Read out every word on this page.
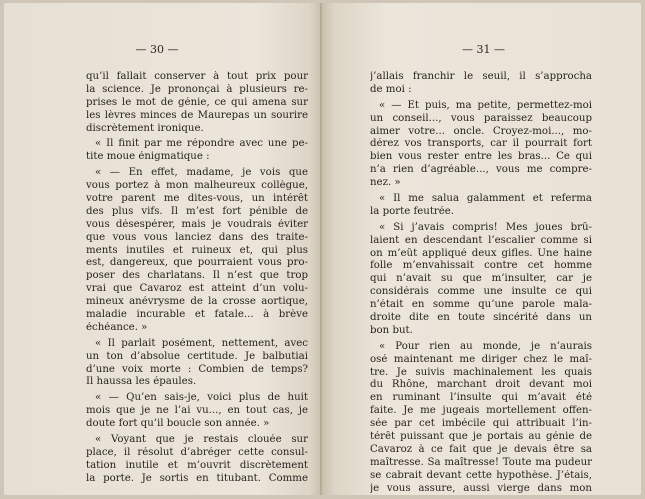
— 30 —
qu’il fallait conserver à tout prix pour
la science. Je prononçai à plusieurs re-
prises le mot de génie, ce qui amena sur
les lèvres minces de Maurepas un sourire
discrètement ironique.
« Il finit par me répondre avec une pe-
tite moue énigmatique :
« — En effet, madame, je vois que
vous portez à mon malheureux collègue,
votre parent me dites-vous, un intérêt
des plus vifs. Il m’est fort pénible de
vous désespérer, mais je voudrais éviter
que vous vous lanciez dans des traite-
ments inutiles et ruineux et, qui plus
est, dangereux, que pourraient vous pro-
poser des charlatans. Il n’est que trop
vrai que Cavaroz est atteint d’un volu-
mineux anévrysme de la crosse aortique,
maladie incurable et fatale... à brève
échéance. »
« Il parlait posément, nettement, avec
un ton d’absolue certitude. Je balbutiai
d’une voix morte : Combien de temps?
Il haussa les épaules.
« — Qu’en sais-je, voici plus de huit
mois que je ne l’ai vu..., en tout cas, je
doute fort qu’il boucle son année. »
« Voyant que je restais clouée sur
place, il résolut d’abréger cette consul-
tation inutile et m’ouvrit discrètement
la porte. Je sortis en titubant. Comme
— 31 —
j’allais franchir le seuil, il s’approcha
de moi :
« — Et puis, ma petite, permettez-moi
un conseil..., vous paraissez beaucoup
aimer votre... oncle. Croyez-moi..., mo-
dérez vos transports, car il pourrait fort
bien vous rester entre les bras... Ce qui
n’a rien d’agréable..., vous me compre-
nez. »
« Il me salua galamment et referma
la porte feutrée.
« Si j’avais compris! Mes joues brû-
laient en descendant l’escalier comme si
on m’eût appliqué deux gifles. Une haine
folle m’envahissait contre cet homme
qui n’avait su que m’insulter, car je
considérais comme une insulte ce qui
n’était en somme qu’une parole mala-
droite dite en toute sincérité dans un
bon but.
« Pour rien au monde, je n’aurais
osé maintenant me diriger chez le maî-
tre. Je suivis machinalement les quais
du Rhône, marchant droit devant moi
en ruminant l’insulte qui m’avait été
faite. Je me jugeais mortellement offen-
sée par cet imbécile qui attribuait l’in-
térêt puissant que je portais au génie de
Cavaroz à ce fait que je devais être sa
maîtresse. Sa maîtresse! Toute ma pudeur
se cabrait devant cette hypothèse. J’étais,
je vous assure, aussi vierge dans mon
